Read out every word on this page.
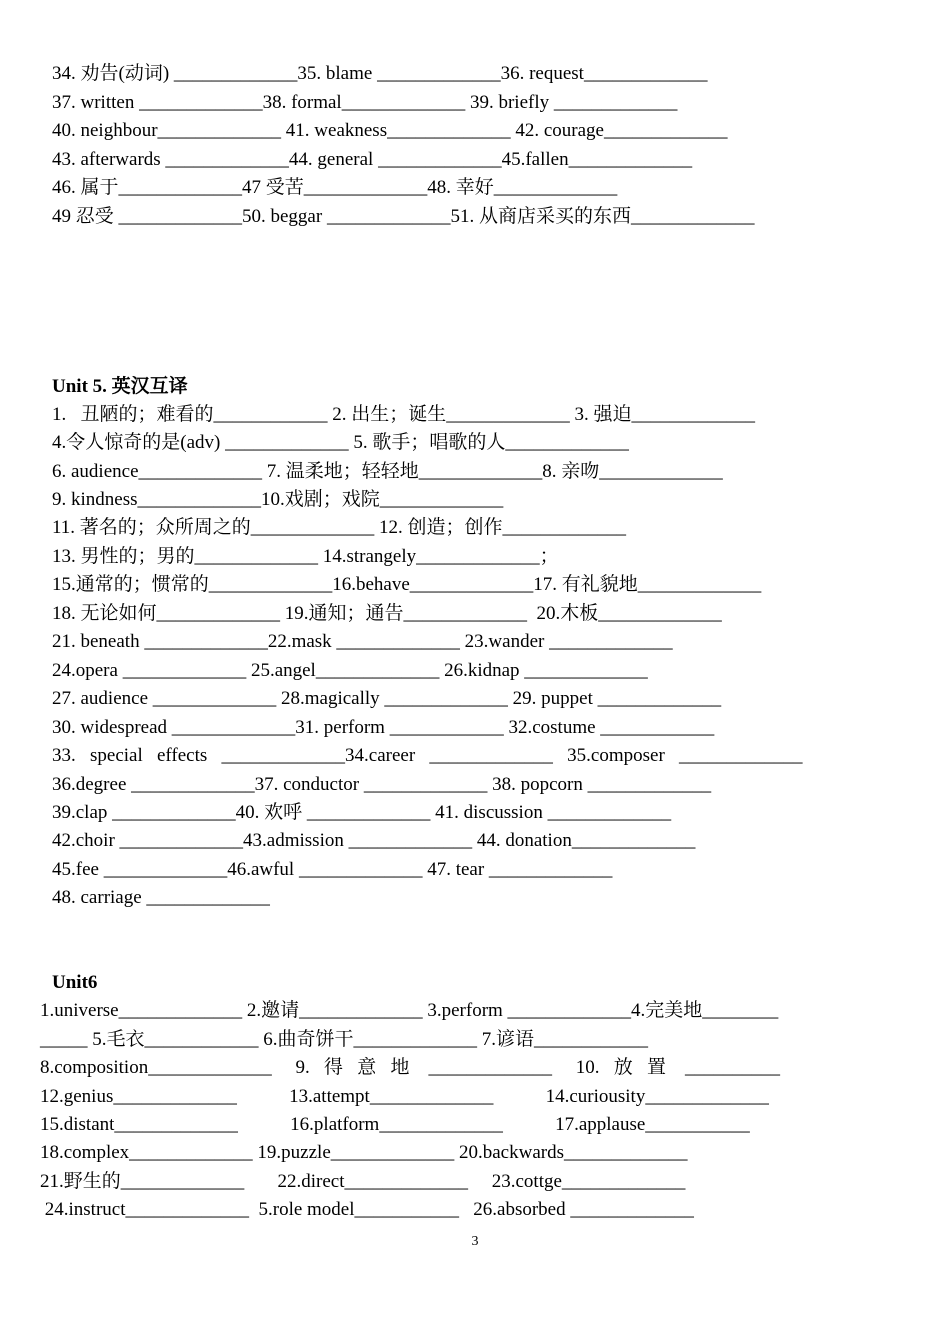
34. 劝告(动词) _____________35. blame _____________36. request_____________
37. written _____________38. formal_____________ 39. briefly _____________
40. neighbour_____________ 41. weakness_____________ 42. courage_____________
43. afterwards _____________44. general _____________45.fallen_____________
46. 属于_____________47 受苦_____________48. 幸好_____________
49 忍受 _____________50. beggar _____________51. 从商店采买的东西_____________
Unit 5. 英汉互译
1.   丑陋的；难看的____________ 2. 出生；诞生_____________ 3. 强迫_____________
4.令人惊奇的是(adv) _____________ 5. 歌手；唱歌的人_____________
6. audience_____________ 7. 温柔地；轻轻地_____________8. 亲吻_____________
9. kindness_____________10.戏剧；戏院_____________
11. 著名的；众所周之的_____________ 12. 创造；创作_____________
13. 男性的；男的_____________ 14.strangely_____________；
15.通常的；惯常的_____________16.behave_____________17. 有礼貌地_____________
18. 无论如何_____________ 19.通知；通告_____________  20.木板_____________
21. beneath _____________22.mask _____________ 23.wander _____________
24.opera _____________ 25.angel_____________ 26.kidnap _____________
27. audience _____________ 28.magically _____________ 29. puppet _____________
30. widespread _____________31. perform ____________ 32.costume ____________
33.   special   effects   _____________34.career   _____________   35.composer   _____________
36.degree _____________37. conductor _____________ 38. popcorn _____________
39.clap _____________40. 欢呼 _____________ 41. discussion _____________
42.choir _____________43.admission _____________ 44. donation_____________
45.fee _____________46.awful _____________ 47. tear _____________
48. carriage _____________
Unit6
1.universe_____________ 2.邀请_____________ 3.perform _____________4.完美地________
_____ 5.毛衣____________ 6.曲奇饼干_____________ 7.谚语____________
8.composition_____________     9.   得   意   地    _____________     10.   放   置    __________
12.genius_____________           13.attempt_____________           14.curiousity_____________
15.distant_____________           16.platform_____________           17.applause___________
18.complex_____________ 19.puzzle_____________ 20.backwards_____________
21.野生的_____________       22.direct_____________     23.cottge_____________
24.instruct_____________  5.role model___________   26.absorbed _____________
3
